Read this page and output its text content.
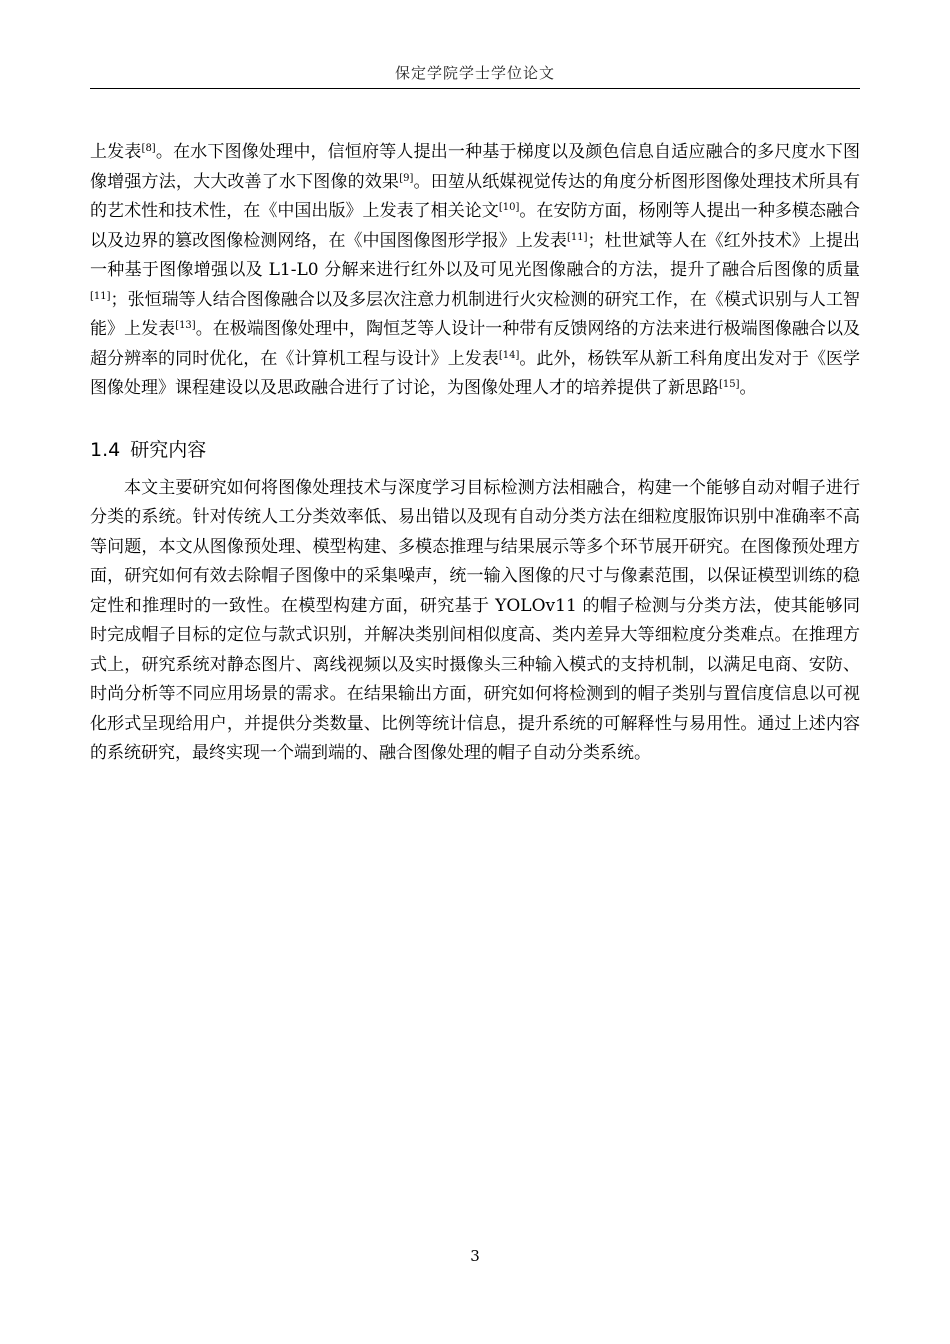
保定学院学士学位论文

上发表[8]。在水下图像处理中，信恒府等人提出一种基于梯度以及颜色信息自适应融合的多尺度水下图像增强方法，大大改善了水下图像的效果[9]。田堃从纸媒视觉传达的角度分析图形图像处理技术所具有的艺术性和技术性，在《中国出版》上发表了相关论文[10]。在安防方面，杨刚等人提出一种多模态融合以及边界的篡改图像检测网络，在《中国图像图形学报》上发表[11]；杜世斌等人在《红外技术》上提出一种基于图像增强以及 L1-L0 分解来进行红外以及可见光图像融合的方法，提升了融合后图像的质量[11]；张恒瑞等人结合图像融合以及多层次注意力机制进行火灾检测的研究工作，在《模式识别与人工智能》上发表[13]。在极端图像处理中，陶恒芝等人设计一种带有反馈网络的方法来进行极端图像融合以及超分辨率的同时优化，在《计算机工程与设计》上发表[14]。此外，杨铁军从新工科角度出发对于《医学图像处理》课程建设以及思政融合进行了讨论，为图像处理人才的培养提供了新思路[15]。

1.4 研究内容

本文主要研究如何将图像处理技术与深度学习目标检测方法相融合，构建一个能够自动对帽子进行分类的系统。针对传统人工分类效率低、易出错以及现有自动分类方法在细粒度服饰识别中准确率不高等问题，本文从图像预处理、模型构建、多模态推理与结果展示等多个环节展开研究。在图像预处理方面，研究如何有效去除帽子图像中的采集噪声，统一输入图像的尺寸与像素范围，以保证模型训练的稳定性和推理时的一致性。在模型构建方面，研究基于 YOLOv11 的帽子检测与分类方法，使其能够同时完成帽子目标的定位与款式识别，并解决类别间相似度高、类内差异大等细粒度分类难点。在推理方式上，研究系统对静态图片、离线视频以及实时摄像头三种输入模式的支持机制，以满足电商、安防、时尚分析等不同应用场景的需求。在结果输出方面，研究如何将检测到的帽子类别与置信度信息以可视化形式呈现给用户，并提供分类数量、比例等统计信息，提升系统的可解释性与易用性。通过上述内容的系统研究，最终实现一个端到端的、融合图像处理的帽子自动分类系统。

3
